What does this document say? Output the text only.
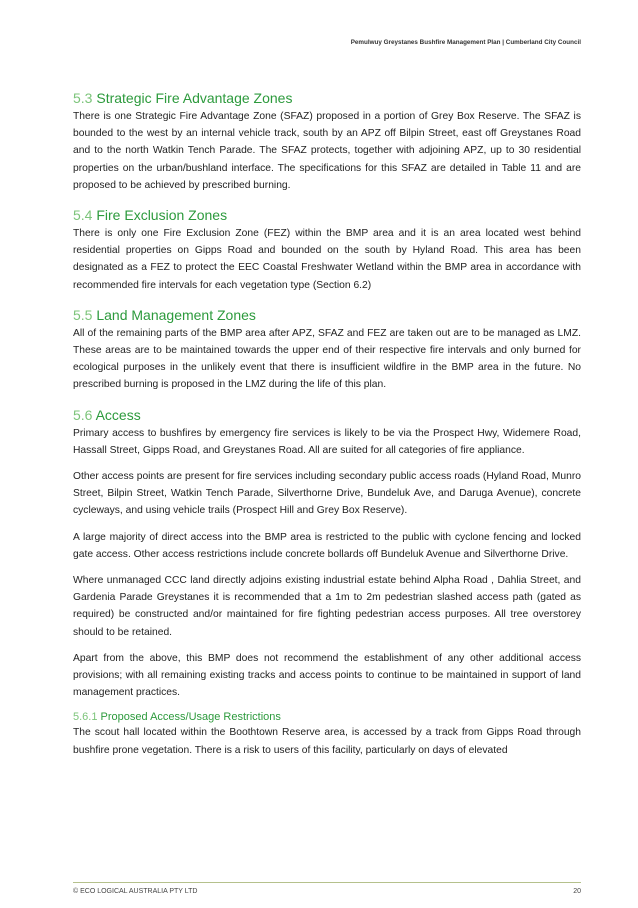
Pemulwuy Greystanes Bushfire Management Plan | Cumberland City Council
5.3 Strategic Fire Advantage Zones

There is one Strategic Fire Advantage Zone (SFAZ) proposed in a portion of Grey Box Reserve. The SFAZ is bounded to the west by an internal vehicle track, south by an APZ off Bilpin Street, east off Greystanes Road and to the north Watkin Tench Parade. The SFAZ protects, together with adjoining APZ, up to 30 residential properties on the urban/bushland interface. The specifications for this SFAZ are detailed in Table 11 and are proposed to be achieved by prescribed burning.

5.4 Fire Exclusion Zones

There is only one Fire Exclusion Zone (FEZ) within the BMP area and it is an area located west behind residential properties on Gipps Road and bounded on the south by Hyland Road. This area has been designated as a FEZ to protect the EEC Coastal Freshwater Wetland within the BMP area in accordance with recommended fire intervals for each vegetation type (Section 6.2)

5.5 Land Management Zones

All of the remaining parts of the BMP area after APZ, SFAZ and FEZ are taken out are to be managed as LMZ. These areas are to be maintained towards the upper end of their respective fire intervals and only burned for ecological purposes in the unlikely event that there is insufficient wildfire in the BMP area in the future. No prescribed burning is proposed in the LMZ during the life of this plan.

5.6 Access

Primary access to bushfires by emergency fire services is likely to be via the Prospect Hwy, Widemere Road, Hassall Street, Gipps Road, and Greystanes Road. All are suited for all categories of fire appliance.

Other access points are present for fire services including secondary public access roads (Hyland Road, Munro Street, Bilpin Street, Watkin Tench Parade, Silverthorne Drive, Bundeluk Ave, and Daruga Avenue), concrete cycleways, and using vehicle trails (Prospect Hill and Grey Box Reserve).

A large majority of direct access into the BMP area is restricted to the public with cyclone fencing and locked gate access. Other access restrictions include concrete bollards off Bundeluk Avenue and Silverthorne Drive.

Where unmanaged CCC land directly adjoins existing industrial estate behind Alpha Road , Dahlia Street, and Gardenia Parade Greystanes it is recommended that a 1m to 2m pedestrian slashed access path (gated as required) be constructed and/or maintained for fire fighting pedestrian access purposes. All tree overstorey should to be retained.

Apart from the above, this BMP does not recommend the establishment of any other additional access provisions; with all remaining existing tracks and access points to continue to be maintained in support of land management practices.

5.6.1 Proposed Access/Usage Restrictions

The scout hall located within the Boothtown Reserve area, is accessed by a track from Gipps Road through bushfire prone vegetation. There is a risk to users of this facility, particularly on days of elevated

© ECO LOGICAL AUSTRALIA PTY LTD	20
